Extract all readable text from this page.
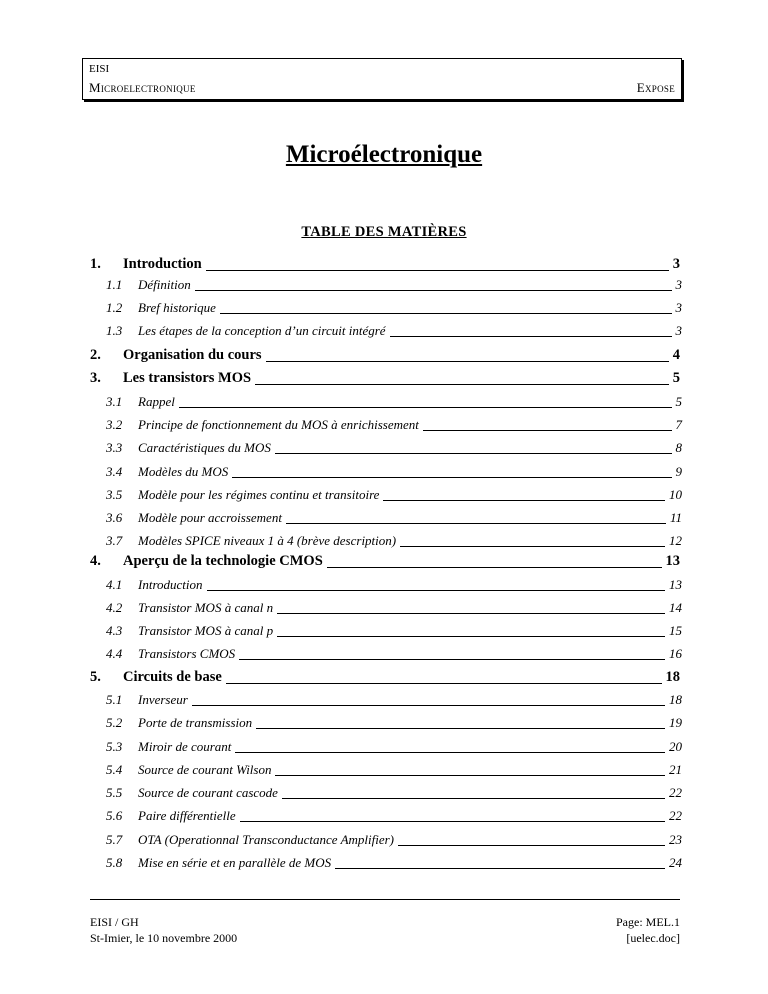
EISI
Microelectronique	Expose
Microélectronique
TABLE DES MATIÈRES
1. Introduction	3
1.1 Définition	3
1.2 Bref historique	3
1.3 Les étapes de la conception d’un circuit intégré	3
2. Organisation du cours	4
3. Les transistors MOS	5
3.1 Rappel	5
3.2 Principe de fonctionnement du MOS à enrichissement	7
3.3 Caractéristiques du MOS	8
3.4 Modèles du MOS	9
3.5 Modèle pour les régimes continu et transitoire	10
3.6 Modèle pour accroissement	11
3.7 Modèles SPICE niveaux 1 à 4 (brève description)	12
4. Aperçu de la technologie CMOS	13
4.1 Introduction	13
4.2 Transistor MOS à canal n	14
4.3 Transistor MOS à canal p	15
4.4 Transistors CMOS	16
5. Circuits de base	18
5.1 Inverseur	18
5.2 Porte de transmission	19
5.3 Miroir de courant	20
5.4 Source de courant Wilson	21
5.5 Source de courant cascode	22
5.6 Paire différentielle	22
5.7 OTA (Operationnal Transconductance Amplifier)	23
5.8 Mise en série et en parallèle de MOS	24
EISI / GH
St-Imier, le 10 novembre 2000
Page: MEL.1
[uelec.doc]
